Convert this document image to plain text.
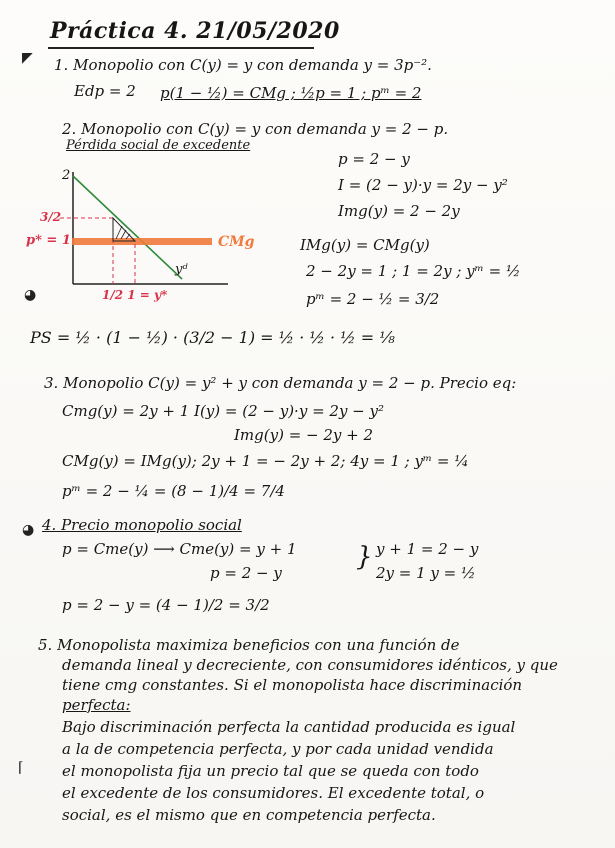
Práctica 4. 21/05/2020
◤
◕
◕
⌈
1. Monopolio con C(y) = y con demanda y = 3p⁻².
Edp = 2 p(1 − ½) = CMg ; ½p = 1 ; pᵐ = 2
2. Monopolio con C(y) = y con demanda y = 2 − p.
Pérdida social de excedente
p = 2 − y
I = (2 − y)·y = 2y − y²
Img(y) = 2 − 2y
IMg(y) = CMg(y)
2 − 2y = 1 ; 1 = 2y ; yᵐ = ½
pᵐ = 2 − ½ = 3/2
2
3/2
p* = 1	CMg
yᵈ
1/2 1 = y*
PS = ½ · (1 − ½) · (3/2 − 1) = ½ · ½ · ½ = ⅛
3. Monopolio C(y) = y² + y con demanda y = 2 − p. Precio eq:
Cmg(y) = 2y + 1 I(y) = (2 − y)·y = 2y − y²
Img(y) = − 2y + 2
CMg(y) = IMg(y); 2y + 1 = − 2y + 2; 4y = 1 ; yᵐ = ¼
pᵐ = 2 − ¼ = (8 − 1)/4 = 7/4
4. Precio monopolio social
p = Cme(y) ⟶ Cme(y) = y + 1
p = 2 − y
} y + 1 = 2 − y
2y = 1 y = ½
p = 2 − y = (4 − 1)/2 = 3/2
5. Monopolista maximiza beneficios con una función de
demanda lineal y decreciente, con consumidores idénticos, y que
tiene cmg constantes. Si el monopolista hace discriminación
perfecta:
Bajo discriminación perfecta la cantidad producida es igual
a la de competencia perfecta, y por cada unidad vendida
el monopolista fija un precio tal que se queda con todo
el excedente de los consumidores. El excedente total, o
social, es el mismo que en competencia perfecta.
